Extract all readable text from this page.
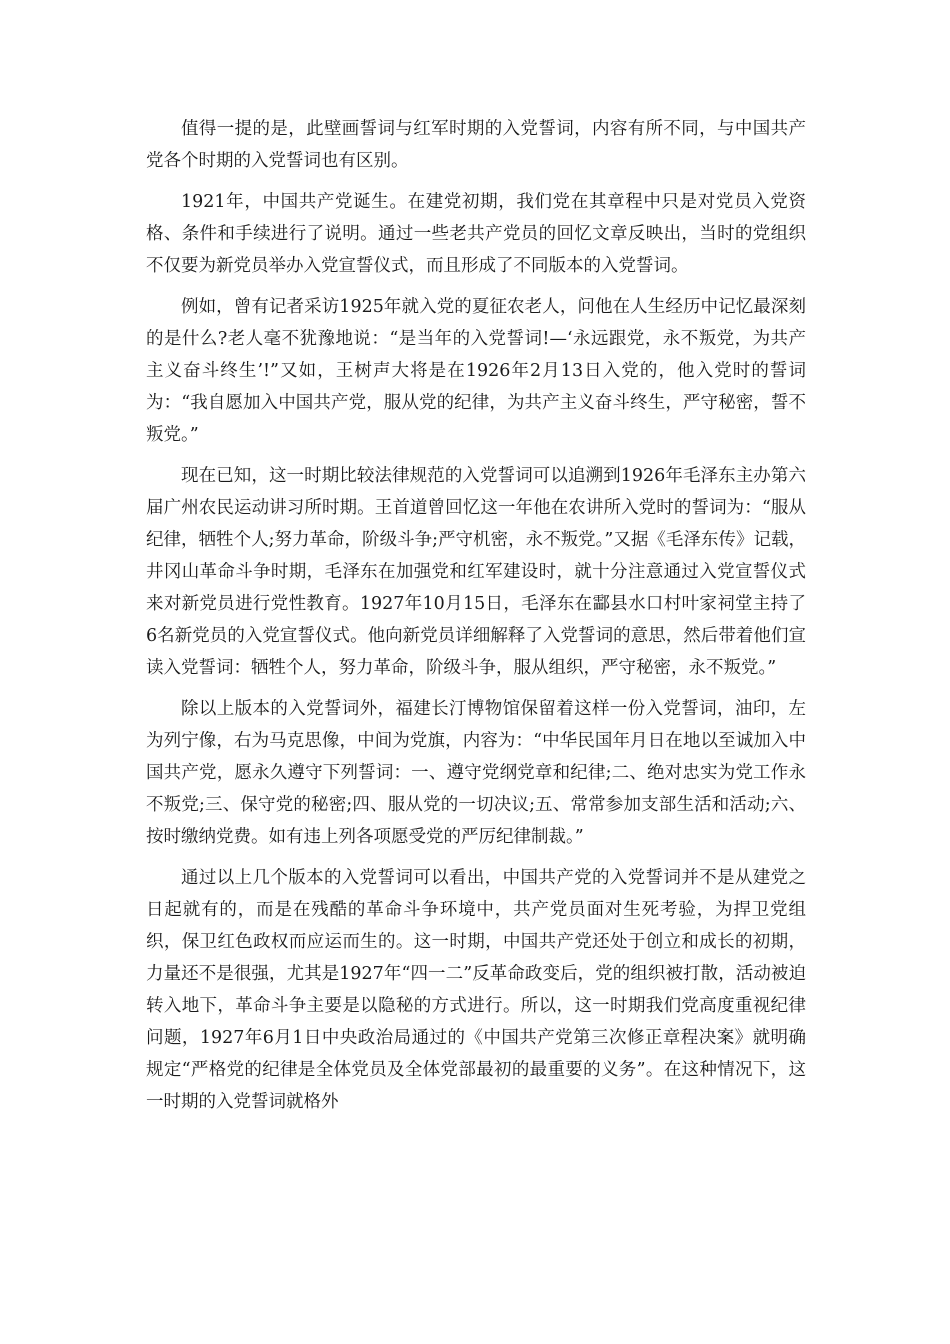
值得一提的是，此壁画誓词与红军时期的入党誓词，内容有所不同，与中国共产党各个时期的入党誓词也有区别。

1921年，中国共产党诞生。在建党初期，我们党在其章程中只是对党员入党资格、条件和手续进行了说明。通过一些老共产党员的回忆文章反映出，当时的党组织不仅要为新党员举办入党宣誓仪式，而且形成了不同版本的入党誓词。

例如，曾有记者采访1925年就入党的夏征农老人，问他在人生经历中记忆最深刻的是什么?老人毫不犹豫地说：“是当年的入党誓词!—‘永远跟党，永不叛党，为共产主义奋斗终生’!”又如，王树声大将是在1926年2月13日入党的，他入党时的誓词为：“我自愿加入中国共产党，服从党的纪律，为共产主义奋斗终生，严守秘密，誓不叛党。”

现在已知，这一时期比较法律规范的入党誓词可以追溯到1926年毛泽东主办第六届广州农民运动讲习所时期。王首道曾回忆这一年他在农讲所入党时的誓词为：“服从纪律，牺牲个人;努力革命，阶级斗争;严守机密，永不叛党。”又据《毛泽东传》记载，井冈山革命斗争时期，毛泽东在加强党和红军建设时，就十分注意通过入党宣誓仪式来对新党员进行党性教育。1927年10月15日，毛泽东在酃县水口村叶家祠堂主持了6名新党员的入党宣誓仪式。他向新党员详细解释了入党誓词的意思，然后带着他们宣读入党誓词：牺牲个人，努力革命，阶级斗争，服从组织，严守秘密，永不叛党。”

除以上版本的入党誓词外，福建长汀博物馆保留着这样一份入党誓词，油印，左为列宁像，右为马克思像，中间为党旗，内容为：“中华民国年月日在地以至诚加入中国共产党，愿永久遵守下列誓词：一、遵守党纲党章和纪律;二、绝对忠实为党工作永不叛党;三、保守党的秘密;四、服从党的一切决议;五、常常参加支部生活和活动;六、按时缴纳党费。如有违上列各项愿受党的严厉纪律制裁。”

通过以上几个版本的入党誓词可以看出，中国共产党的入党誓词并不是从建党之日起就有的，而是在残酷的革命斗争环境中，共产党员面对生死考验，为捍卫党组织，保卫红色政权而应运而生的。这一时期，中国共产党还处于创立和成长的初期，力量还不是很强，尤其是1927年“四一二”反革命政变后，党的组织被打散，活动被迫转入地下，革命斗争主要是以隐秘的方式进行。所以，这一时期我们党高度重视纪律问题，1927年6月1日中央政治局通过的《中国共产党第三次修正章程决案》就明确规定“严格党的纪律是全体党员及全体党部最初的最重要的义务”。在这种情况下，这一时期的入党誓词就格外
